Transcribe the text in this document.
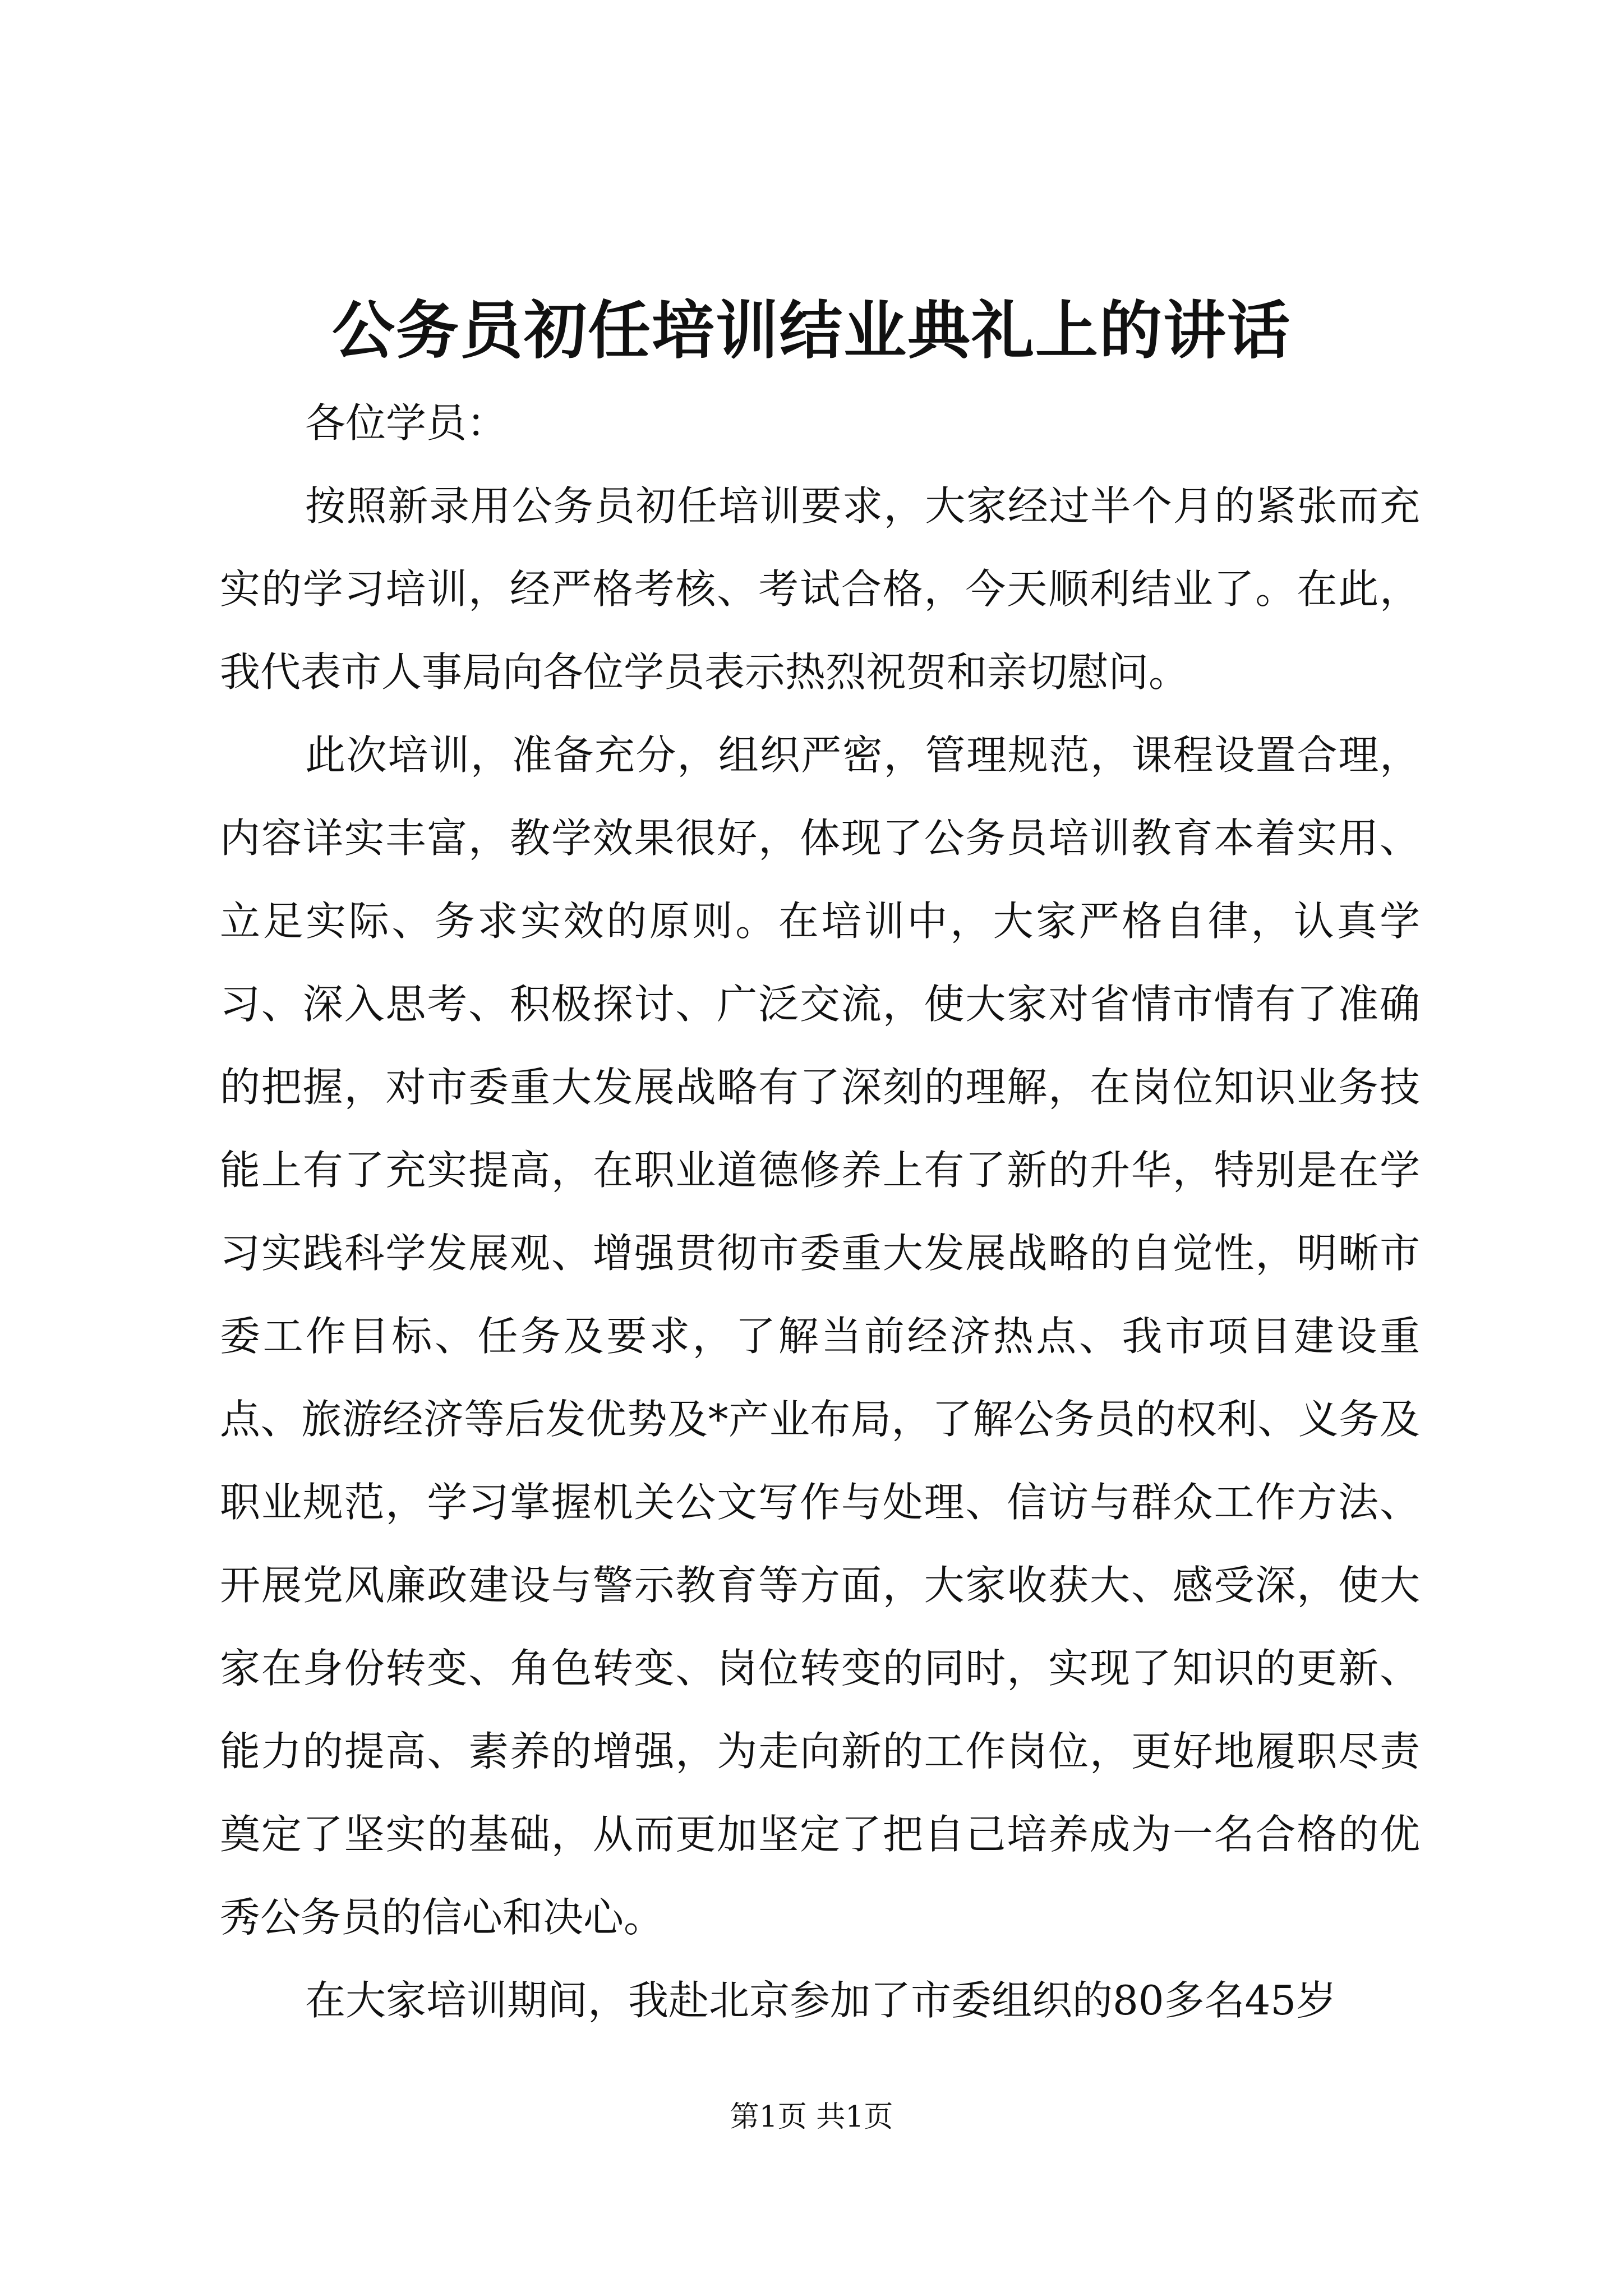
公务员初任培训结业典礼上的讲话

各位学员：

按照新录用公务员初任培训要求，大家经过半个月的紧张而充实的学习培训，经严格考核、考试合格，今天顺利结业了。在此，我代表市人事局向各位学员表示热烈祝贺和亲切慰问。

此次培训，准备充分，组织严密，管理规范，课程设置合理，内容详实丰富，教学效果很好，体现了公务员培训教育本着实用、立足实际、务求实效的原则。在培训中，大家严格自律，认真学习、深入思考、积极探讨、广泛交流，使大家对省情市情有了准确的把握，对市委重大发展战略有了深刻的理解，在岗位知识业务技能上有了充实提高，在职业道德修养上有了新的升华，特别是在学习实践科学发展观、增强贯彻市委重大发展战略的自觉性，明晰市委工作目标、任务及要求，了解当前经济热点、我市项目建设重点、旅游经济等后发优势及*产业布局，了解公务员的权利、义务及职业规范，学习掌握机关公文写作与处理、信访与群众工作方法、开展党风廉政建设与警示教育等方面，大家收获大、感受深，使大家在身份转变、角色转变、岗位转变的同时，实现了知识的更新、能力的提高、素养的增强，为走向新的工作岗位，更好地履职尽责奠定了坚实的基础，从而更加坚定了把自己培养成为一名合格的优秀公务员的信心和决心。

在大家培训期间，我赴北京参加了市委组织的80多名45岁

第1页 共1页
